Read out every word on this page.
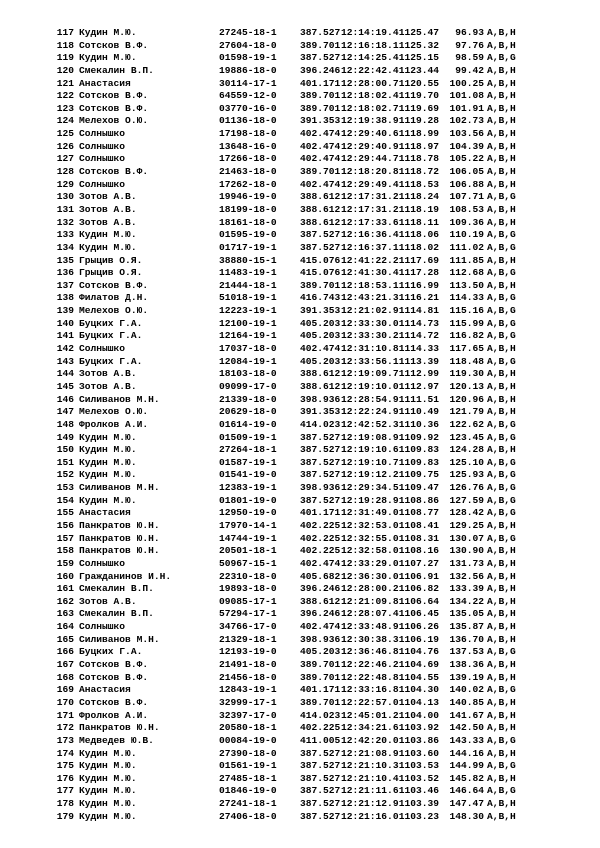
117 Кудин М.Ю.	27245-18-1 387.527 12:14:19.4 1125.47	96.93 A,B,H
118 Сотсков В.Ф.	27604-18-0 389.701 12:16:18.1 1125.32	97.76 A,B,H
119 Кудин М.Ю.	01598-19-1 387.527 12:14:25.4 1125.15	98.59 A,B,G
120 Смекалин В.П.	19886-18-0 396.246 12:22:42.4 1123.44	99.42 A,B,H
121 Анастасия	30114-17-1 401.171 12:28:00.7 1120.55	100.25 A,B,H
122 Сотсков В.Ф.	64559-12-0 389.701 12:18:02.4 1119.70	101.08 A,B,H
123 Сотсков В.Ф.	03770-16-0 389.701 12:18:02.7 1119.69	101.91 A,B,H
124 Мелехов О.Ю.	01136-18-0 391.353 12:19:38.9 1119.28	102.73 A,B,H
125 Солнышко	17198-18-0 402.474 12:29:40.6 1118.99	103.56 A,B,H
126 Солнышко	13648-16-0 402.474 12:29:40.9 1118.97	104.39 A,B,H
127 Солнышко	17266-18-0 402.474 12:29:44.7 1118.78	105.22 A,B,H
128 Сотсков В.Ф.	21463-18-0 389.701 12:18:20.8 1118.72	106.05 A,B,H
129 Солнышко	17262-18-0 402.474 12:29:49.4 1118.53	106.88 A,B,H
130 Зотов А.В.	19946-19-0 388.612 12:17:31.2 1118.24	107.71 A,B,G
131 Зотов А.В.	18199-18-0 388.612 12:17:31.2 1118.19	108.53 A,B,H
132 Зотов А.В.	18161-18-0 388.612 12:17:33.6 1118.11	109.36 A,B,H
133 Кудин М.Ю.	01595-19-0 387.527 12:16:36.4 1118.06	110.19 A,B,G
134 Кудин М.Ю.	01717-19-1 387.527 12:16:37.1 1118.02	111.02 A,B,G
135 Грыцив О.Я.	38880-15-1 415.076 12:41:22.2 1117.69	111.85 A,B,H
136 Грыцив О.Я.	11483-19-1 415.076 12:41:30.4 1117.28	112.68 A,B,G
137 Сотсков В.Ф.	21444-18-1 389.701 12:18:53.1 1116.99	113.50 A,B,H
138 Филатов Д.Н.	51018-19-1 416.743 12:43:21.3 1116.21	114.33 A,B,G
139 Мелехов О.Ю.	12223-19-1 391.353 12:21:02.9 1114.81	115.16 A,B,G
140 Буцких Г.А.	12100-19-1 405.203 12:33:30.0 1114.73	115.99 A,B,G
141 Буцких Г.А.	12164-19-1 405.203 12:33:30.2 1114.72	116.82 A,B,G
142 Солнышко	17037-18-0 402.474 12:31:10.8 1114.33	117.65 A,B,H
143 Буцких Г.А.	12084-19-1 405.203 12:33:56.1 1113.39	118.48 A,B,G
144 Зотов А.В.	18103-18-0 388.612 12:19:09.7 1112.99	119.30 A,B,H
145 Зотов А.В.	09099-17-0 388.612 12:19:10.0 1112.97	120.13 A,B,H
146 Силиванов М.Н.	21339-18-0 398.936 12:28:54.9 1111.51	120.96 A,B,H
147 Мелехов О.Ю.	20629-18-0 391.353 12:22:24.9 1110.49	121.79 A,B,H
148 Фролков А.И.	01614-19-0 414.023 12:42:52.3 1110.36	122.62 A,B,G
149 Кудин М.Ю.	01509-19-1 387.527 12:19:08.9 1109.92	123.45 A,B,G
150 Кудин М.Ю.	27264-18-1 387.527 12:19:10.6 1109.83	124.28 A,B,H
151 Кудин М.Ю.	01587-19-1 387.527 12:19:10.7 1109.83	125.10 A,B,G
152 Кудин М.Ю.	01541-19-0 387.527 12:19:12.2 1109.75	125.93 A,B,G
153 Силиванов М.Н.	12383-19-1 398.936 12:29:34.5 1109.47	126.76 A,B,G
154 Кудин М.Ю.	01801-19-0 387.527 12:19:28.9 1108.86	127.59 A,B,G
155 Анастасия	12950-19-0 401.171 12:31:49.0 1108.77	128.42 A,B,G
156 Панкратов Ю.Н.	17970-14-1 402.225 12:32:53.0 1108.41	129.25 A,B,H
157 Панкратов Ю.Н.	14744-19-1 402.225 12:32:55.0 1108.31	130.07 A,B,G
158 Панкратов Ю.Н.	20501-18-1 402.225 12:32:58.0 1108.16	130.90 A,B,H
159 Солнышко	50967-15-1 402.474 12:33:29.0 1107.27	131.73 A,B,H
160 Гражданинов И.Н.	22310-18-0 405.682 12:36:30.0 1106.91	132.56 A,B,H
161 Смекалин В.П.	19893-18-0 396.246 12:28:00.2 1106.82	133.39 A,B,H
162 Зотов А.В.	09085-17-1 388.612 12:21:09.8 1106.64	134.22 A,B,H
163 Смекалин В.П.	57294-17-1 396.246 12:28:07.4 1106.45	135.05 A,B,H
164 Солнышко	34766-17-0 402.474 12:33:48.9 1106.26	135.87 A,B,H
165 Силиванов М.Н.	21329-18-1 398.936 12:30:38.3 1106.19	136.70 A,B,H
166 Буцких Г.А.	12193-19-0 405.203 12:36:46.8 1104.76	137.53 A,B,G
167 Сотсков В.Ф.	21491-18-0 389.701 12:22:46.2 1104.69	138.36 A,B,H
168 Сотсков В.Ф.	21456-18-0 389.701 12:22:48.8 1104.55	139.19 A,B,H
169 Анастасия	12843-19-1 401.171 12:33:16.8 1104.30	140.02 A,B,G
170 Сотсков В.Ф.	32999-17-1 389.701 12:22:57.0 1104.13	140.85 A,B,H
171 Фролков А.И.	32397-17-0 414.023 12:45:01.2 1104.00	141.67 A,B,H
172 Панкратов Ю.Н.	20580-18-1 402.225 12:34:21.6 1103.92	142.50 A,B,H
173 Медведев Ю.В.	00084-19-0 411.005 12:42:20.0 1103.86	143.33 A,B,G
174 Кудин М.Ю.	27390-18-0 387.527 12:21:08.9 1103.60	144.16 A,B,H
175 Кудин М.Ю.	01561-19-1 387.527 12:21:10.3 1103.53	144.99 A,B,G
176 Кудин М.Ю.	27485-18-1 387.527 12:21:10.4 1103.52	145.82 A,B,H
177 Кудин М.Ю.	01846-19-0 387.527 12:21:11.6 1103.46	146.64 A,B,G
178 Кудин М.Ю.	27241-18-1 387.527 12:21:12.9 1103.39	147.47 A,B,H
179 Кудин М.Ю.	27406-18-0 387.527 12:21:16.0 1103.23	148.30 A,B,H
